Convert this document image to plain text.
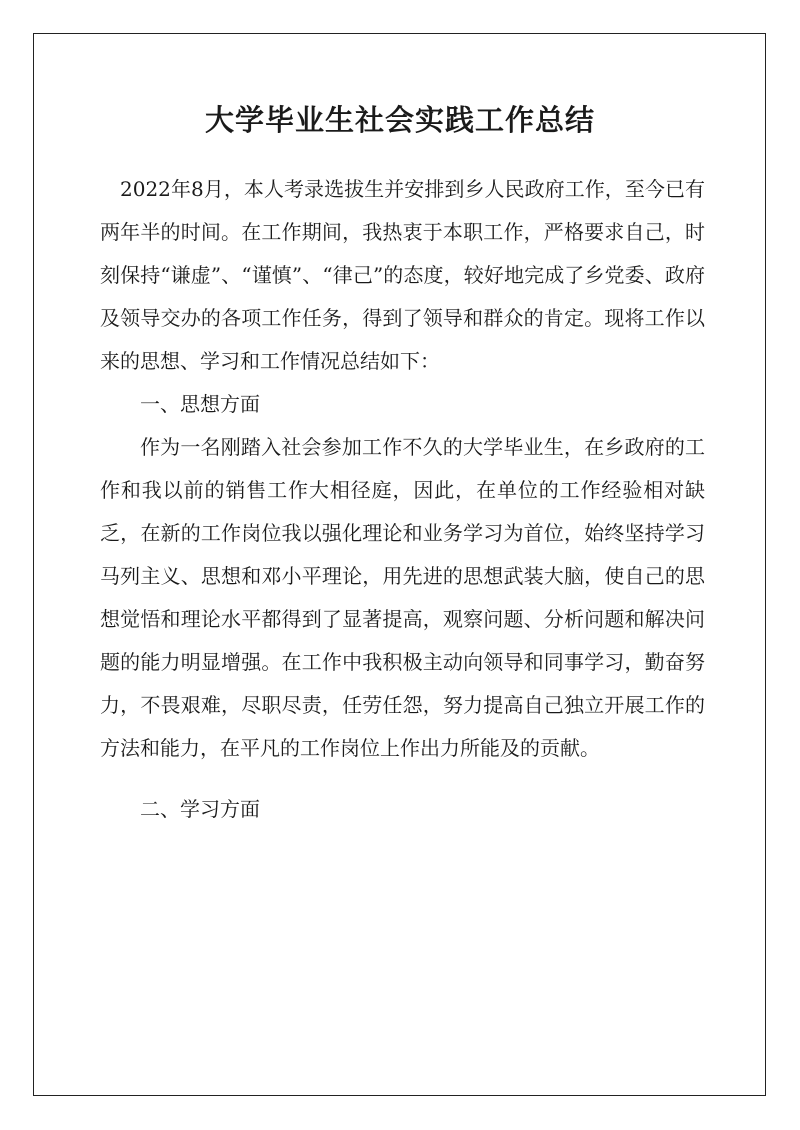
大学毕业生社会实践工作总结

2022年8月，本人考录选拔生并安排到乡人民政府工作，至今已有两年半的时间。在工作期间，我热衷于本职工作，严格要求自己，时刻保持“谦虚”、“谨慎”、“律己”的态度，较好地完成了乡党委、政府及领导交办的各项工作任务，得到了领导和群众的肯定。现将工作以来的思想、学习和工作情况总结如下：

一、思想方面

作为一名刚踏入社会参加工作不久的大学毕业生，在乡政府的工作和我以前的销售工作大相径庭，因此，在单位的工作经验相对缺乏，在新的工作岗位我以强化理论和业务学习为首位，始终坚持学习马列主义、思想和邓小平理论，用先进的思想武装大脑，使自己的思想觉悟和理论水平都得到了显著提高，观察问题、分析问题和解决问题的能力明显增强。在工作中我积极主动向领导和同事学习，勤奋努力，不畏艰难，尽职尽责，任劳任怨，努力提高自己独立开展工作的方法和能力，在平凡的工作岗位上作出力所能及的贡献。

二、学习方面
